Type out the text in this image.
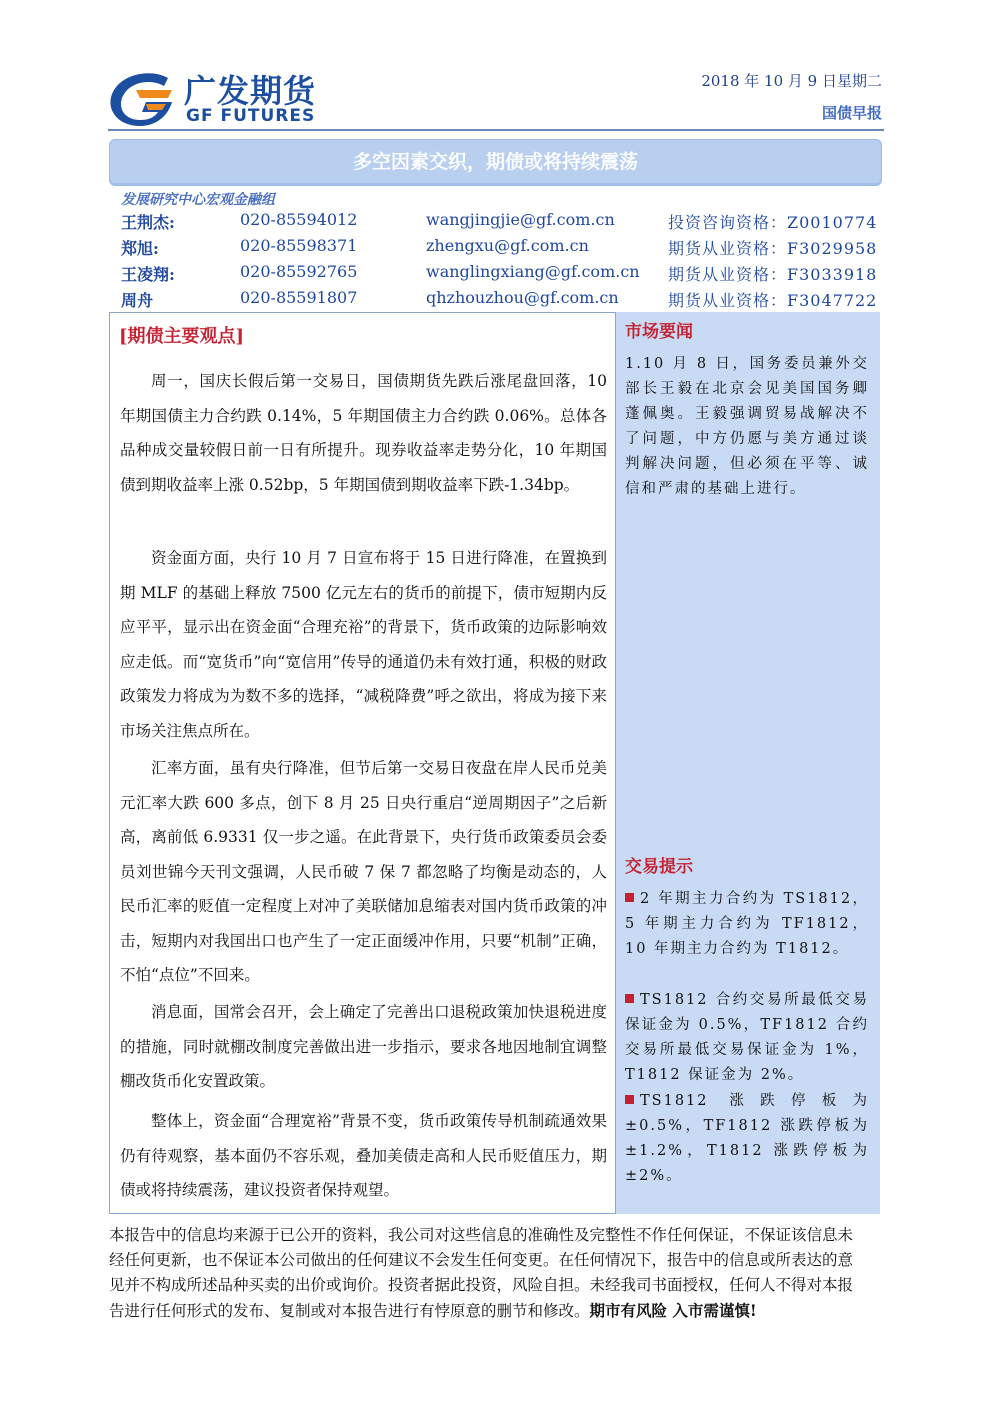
广发期货
GF FUTURES
2018 年 10 月 9 日星期二
国债早报
多空因素交织，期债或将持续震荡
发展研究中心宏观金融组
王荆杰:	020-85594012	wangjingjie@gf.com.cn	投资咨询资格：Z0010774
郑旭:	020-85598371	zhengxu@gf.com.cn	期货从业资格：F3029958
王凌翔:	020-85592765	wanglingxiang@gf.com.cn 期货从业资格：F3033918
周舟	020-85591807	qhzhouzhou@gf.com.cn	期货从业资格：F3047722
[期债主要观点]

周一，国庆长假后第一交易日，国债期货先跌后涨尾盘回落，10 年期国债主力合约跌 0.14%，5 年期国债主力合约跌 0.06%。总体各品种成交量较假日前一日有所提升。现券收益率走势分化，10 年期国债到期收益率上涨 0.52bp，5 年期国债到期收益率下跌-1.34bp。

资金面方面，央行 10 月 7 日宣布将于 15 日进行降准，在置换到期 MLF 的基础上释放 7500 亿元左右的货币的前提下，债市短期内反应平平，显示出在资金面“合理充裕”的背景下，货币政策的边际影响效应走低。而“宽货币”向“宽信用”传导的通道仍未有效打通，积极的财政政策发力将成为为数不多的选择，“减税降费”呼之欲出，将成为接下来市场关注焦点所在。

汇率方面，虽有央行降准，但节后第一交易日夜盘在岸人民币兑美元汇率大跌 600 多点，创下 8 月 25 日央行重启“逆周期因子”之后新高，离前低 6.9331 仅一步之遥。在此背景下，央行货币政策委员会委员刘世锦今天刊文强调，人民币破 7 保 7 都忽略了均衡是动态的，人民币汇率的贬值一定程度上对冲了美联储加息缩表对国内货币政策的冲击，短期内对我国出口也产生了一定正面缓冲作用，只要“机制”正确，不怕“点位”不回来。

消息面，国常会召开，会上确定了完善出口退税政策加快退税进度的措施，同时就棚改制度完善做出进一步指示，要求各地因地制宜调整棚改货币化安置政策。

整体上，资金面“合理宽裕”背景不变，货币政策传导机制疏通效果仍有待观察，基本面仍不容乐观，叠加美债走高和人民币贬值压力，期债或将持续震荡，建议投资者保持观望。

市场要闻

1.10 月 8 日，国务委员兼外交部长王毅在北京会见美国国务卿蓬佩奥。王毅强调贸易战解决不了问题，中方仍愿与美方通过谈判解决问题，但必须在平等、诚信和严肃的基础上进行。

交易提示

2 年期主力合约为 TS1812，5 年期主力合约为 TF1812，10 年期主力合约为 T1812。

TS1812 合约交易所最低交易保证金为 0.5%，TF1812 合约交易所最低交易保证金为 1%，T1812 保证金为 2%。

TS1812 涨跌停板为±0.5%，TF1812 涨跌停板为±1.2%，T1812 涨跌停板为±2%。

本报告中的信息均来源于已公开的资料，我公司对这些信息的准确性及完整性不作任何保证，不保证该信息未经任何更新，也不保证本公司做出的任何建议不会发生任何变更。在任何情况下，报告中的信息或所表达的意见并不构成所述品种买卖的出价或询价。投资者据此投资，风险自担。未经我司书面授权，任何人不得对本报告进行任何形式的发布、复制或对本报告进行有悖原意的删节和修改。期市有风险 入市需谨慎!
